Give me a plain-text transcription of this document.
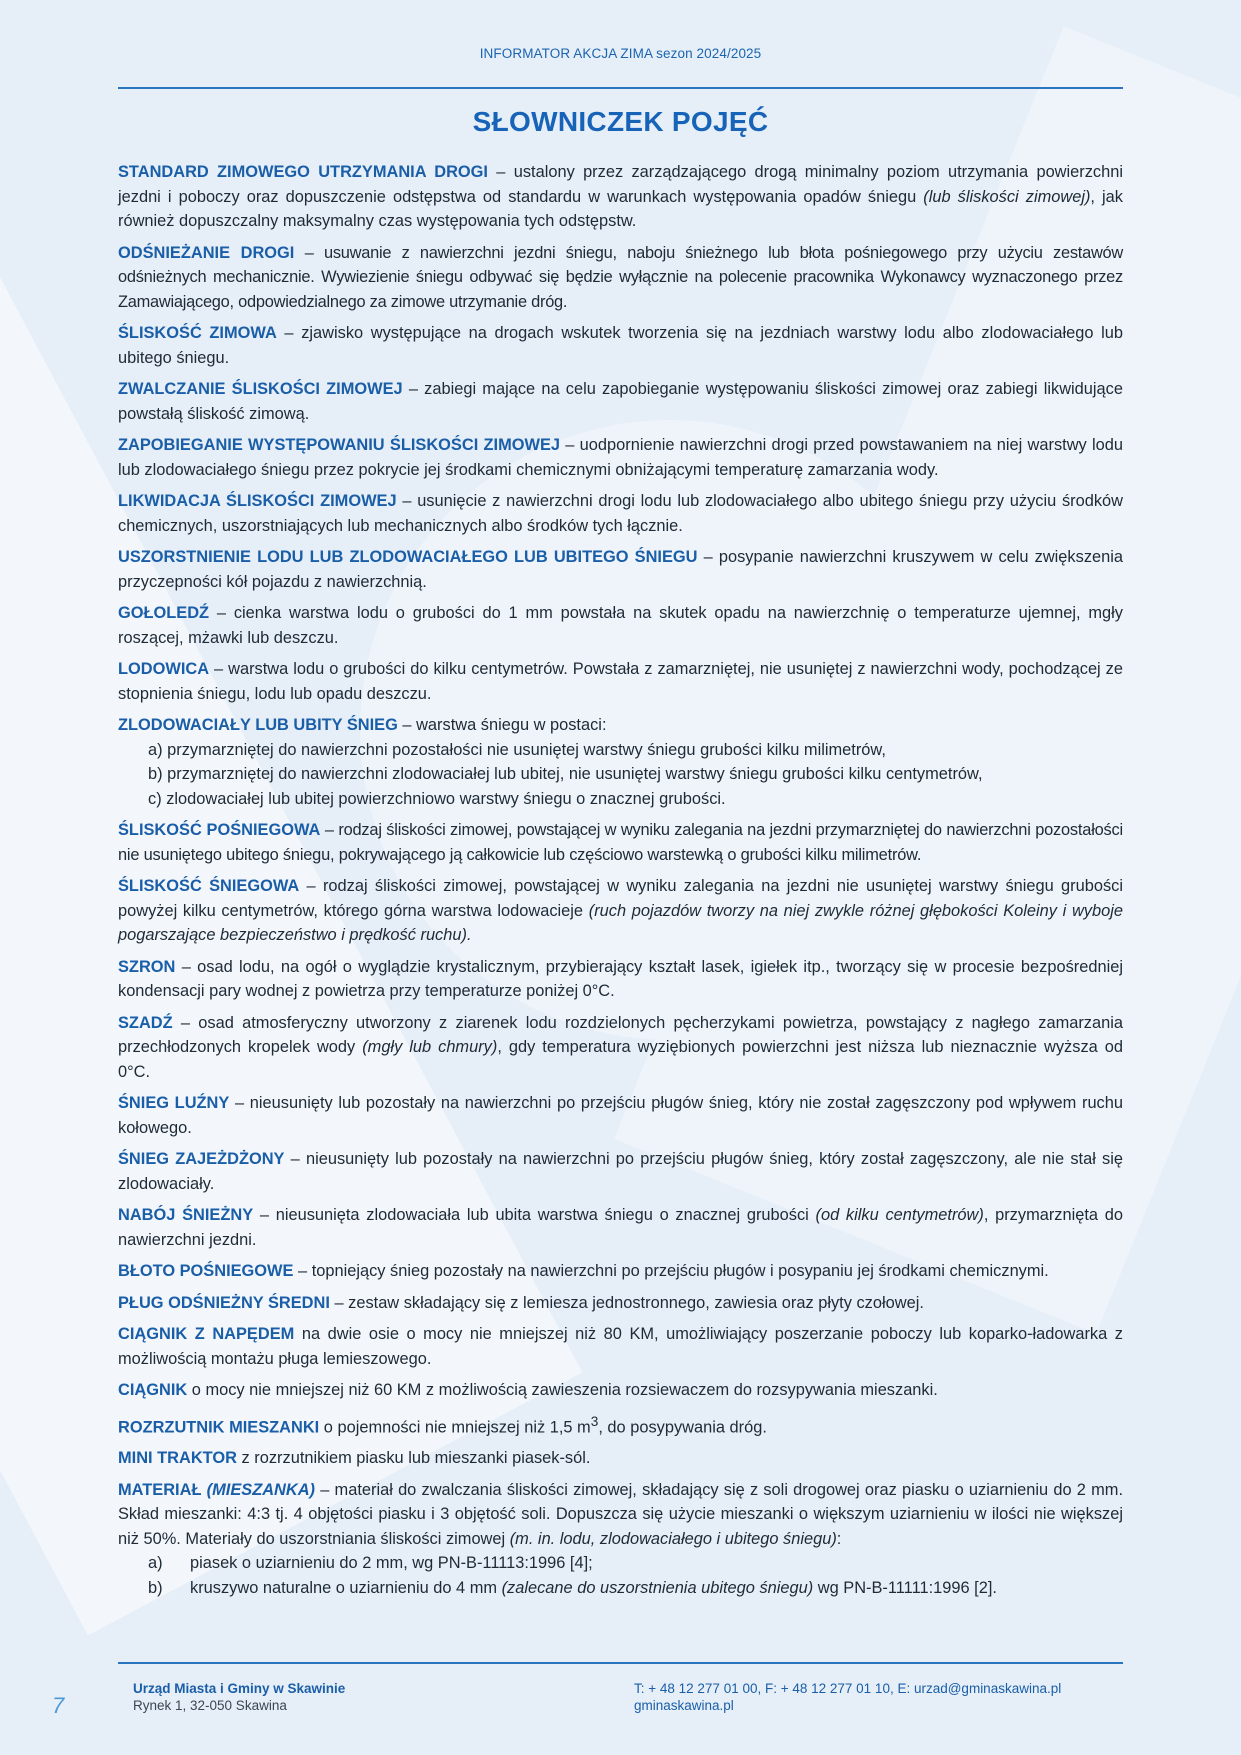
INFORMATOR AKCJA ZIMA sezon 2024/2025
SŁOWNICZEK POJĘĆ

STANDARD ZIMOWEGO UTRZYMANIA DROGI – ustalony przez zarządzającego drogą minimalny poziom utrzymania powierzchni jezdni i poboczy oraz dopuszczenie odstępstwa od standardu w warunkach występowania opadów śniegu (lub śliskości zimowej), jak również dopuszczalny maksymalny czas występowania tych odstępstw.

ODŚNIEŻANIE DROGI – usuwanie z nawierzchni jezdni śniegu, naboju śnieżnego lub błota pośniegowego przy użyciu zestawów odśnieżnych mechanicznie. Wywiezienie śniegu odbywać się będzie wyłącznie na polecenie pracownika Wykonawcy wyznaczonego przez Zamawiającego, odpowiedzialnego za zimowe utrzymanie dróg.

ŚLISKOŚĆ ZIMOWA – zjawisko występujące na drogach wskutek tworzenia się na jezdniach warstwy lodu albo zlodowaciałego lub ubitego śniegu.

ZWALCZANIE ŚLISKOŚCI ZIMOWEJ – zabiegi mające na celu zapobieganie występowaniu śliskości zimowej oraz zabiegi likwidujące powstałą śliskość zimową.

ZAPOBIEGANIE WYSTĘPOWANIU ŚLISKOŚCI ZIMOWEJ – uodpornienie nawierzchni drogi przed powstawaniem na niej warstwy lodu lub zlodowaciałego śniegu przez pokrycie jej środkami chemicznymi obniżającymi temperaturę zamarzania wody.

LIKWIDACJA ŚLISKOŚCI ZIMOWEJ – usunięcie z nawierzchni drogi lodu lub zlodowaciałego albo ubitego śniegu przy użyciu środków chemicznych, uszorstniających lub mechanicznych albo środków tych łącznie.

USZORSTNIENIE LODU LUB ZLODOWACIAŁEGO LUB UBITEGO ŚNIEGU – posypanie nawierzchni kruszywem w celu zwiększenia przyczepności kół pojazdu z nawierzchnią.

GOŁOLEDŹ – cienka warstwa lodu o grubości do 1 mm powstała na skutek opadu na nawierzchnię o temperaturze ujemnej, mgły roszącej, mżawki lub deszczu.

LODOWICA – warstwa lodu o grubości do kilku centymetrów. Powstała z zamarzniętej, nie usuniętej z nawierzchni wody, pochodzącej ze stopnienia śniegu, lodu lub opadu deszczu.

ZLODOWACIAŁY LUB UBITY ŚNIEG – warstwa śniegu w postaci:
a) przymarzniętej do nawierzchni pozostałości nie usuniętej warstwy śniegu grubości kilku milimetrów,
b) przymarzniętej do nawierzchni zlodowaciałej lub ubitej, nie usuniętej warstwy śniegu grubości kilku centymetrów,
c) zlodowaciałej lub ubitej powierzchniowo warstwy śniegu o znacznej grubości.

ŚLISKOŚĆ POŚNIEGOWA – rodzaj śliskości zimowej, powstającej w wyniku zalegania na jezdni przymarzniętej do nawierzchni pozostałości nie usuniętego ubitego śniegu, pokrywającego ją całkowicie lub częściowo warstewką o grubości kilku milimetrów.

ŚLISKOŚĆ ŚNIEGOWA – rodzaj śliskości zimowej, powstającej w wyniku zalegania na jezdni nie usuniętej warstwy śniegu grubości powyżej kilku centymetrów, którego górna warstwa lodowacieje (ruch pojazdów tworzy na niej zwykle różnej głębokości Koleiny i wyboje pogarszające bezpieczeństwo i prędkość ruchu).

SZRON – osad lodu, na ogół o wyglądzie krystalicznym, przybierający kształt lasek, igiełek itp., tworzący się w procesie bezpośredniej kondensacji pary wodnej z powietrza przy temperaturze poniżej 0°C.

SZADŹ – osad atmosferyczny utworzony z ziarenek lodu rozdzielonych pęcherzykami powietrza, powstający z nagłego zamarzania przechłodzonych kropelek wody (mgły lub chmury), gdy temperatura wyziębionych powierzchni jest niższa lub nieznacznie wyższa od 0°C.

ŚNIEG LUŹNY – nieusunięty lub pozostały na nawierzchni po przejściu pługów śnieg, który nie został zagęszczony pod wpływem ruchu kołowego.

ŚNIEG ZAJEŻDŻONY – nieusunięty lub pozostały na nawierzchni po przejściu pługów śnieg, który został zagęszczony, ale nie stał się zlodowaciały.

NABÓJ ŚNIEŻNY – nieusunięta zlodowaciała lub ubita warstwa śniegu o znacznej grubości (od kilku centymetrów), przymarznięta do nawierzchni jezdni.

BŁOTO POŚNIEGOWE – topniejący śnieg pozostały na nawierzchni po przejściu pługów i posypaniu jej środkami chemicznymi.

PŁUG ODŚNIEŻNY ŚREDNI – zestaw składający się z lemiesza jednostronnego, zawiesia oraz płyty czołowej.

CIĄGNIK Z NAPĘDEM na dwie osie o mocy nie mniejszej niż 80 KM, umożliwiający poszerzanie poboczy lub koparko-ładowarka z możliwością montażu pługa lemieszowego.

CIĄGNIK o mocy nie mniejszej niż 60 KM z możliwością zawieszenia rozsiewaczem do rozsypywania mieszanki.

ROZRZUTNIK MIESZANKI o pojemności nie mniejszej niż 1,5 $m^3$, do posypywania dróg.

MINI TRAKTOR z rozrzutnikiem piasku lub mieszanki piasek-sól.

MATERIAŁ (MIESZANKA) – materiał do zwalczania śliskości zimowej, składający się z soli drogowej oraz piasku o uziarnieniu do 2 mm. Skład mieszanki: 4:3 tj. 4 objętości piasku i 3 objętość soli. Dopuszcza się użycie mieszanki o większym uziarnieniu w ilości nie większej niż 50%. Materiały do uszorstniania śliskości zimowej (m. in. lodu, zlodowaciałego i ubitego śniegu):
a)	piasek o uziarnieniu do 2 mm, wg PN-B-11113:1996 [4];
b)	kruszywo naturalne o uziarnieniu do 4 mm (zalecane do uszorstnienia ubitego śniegu) wg PN-B-11111:1996 [2].
7
Urząd Miasta i Gminy w Skawinie
Rynek 1, 32-050 Skawina
T: + 48 12 277 01 00, F: + 48 12 277 01 10, E: urzad@gminaskawina.pl
gminaskawina.pl
